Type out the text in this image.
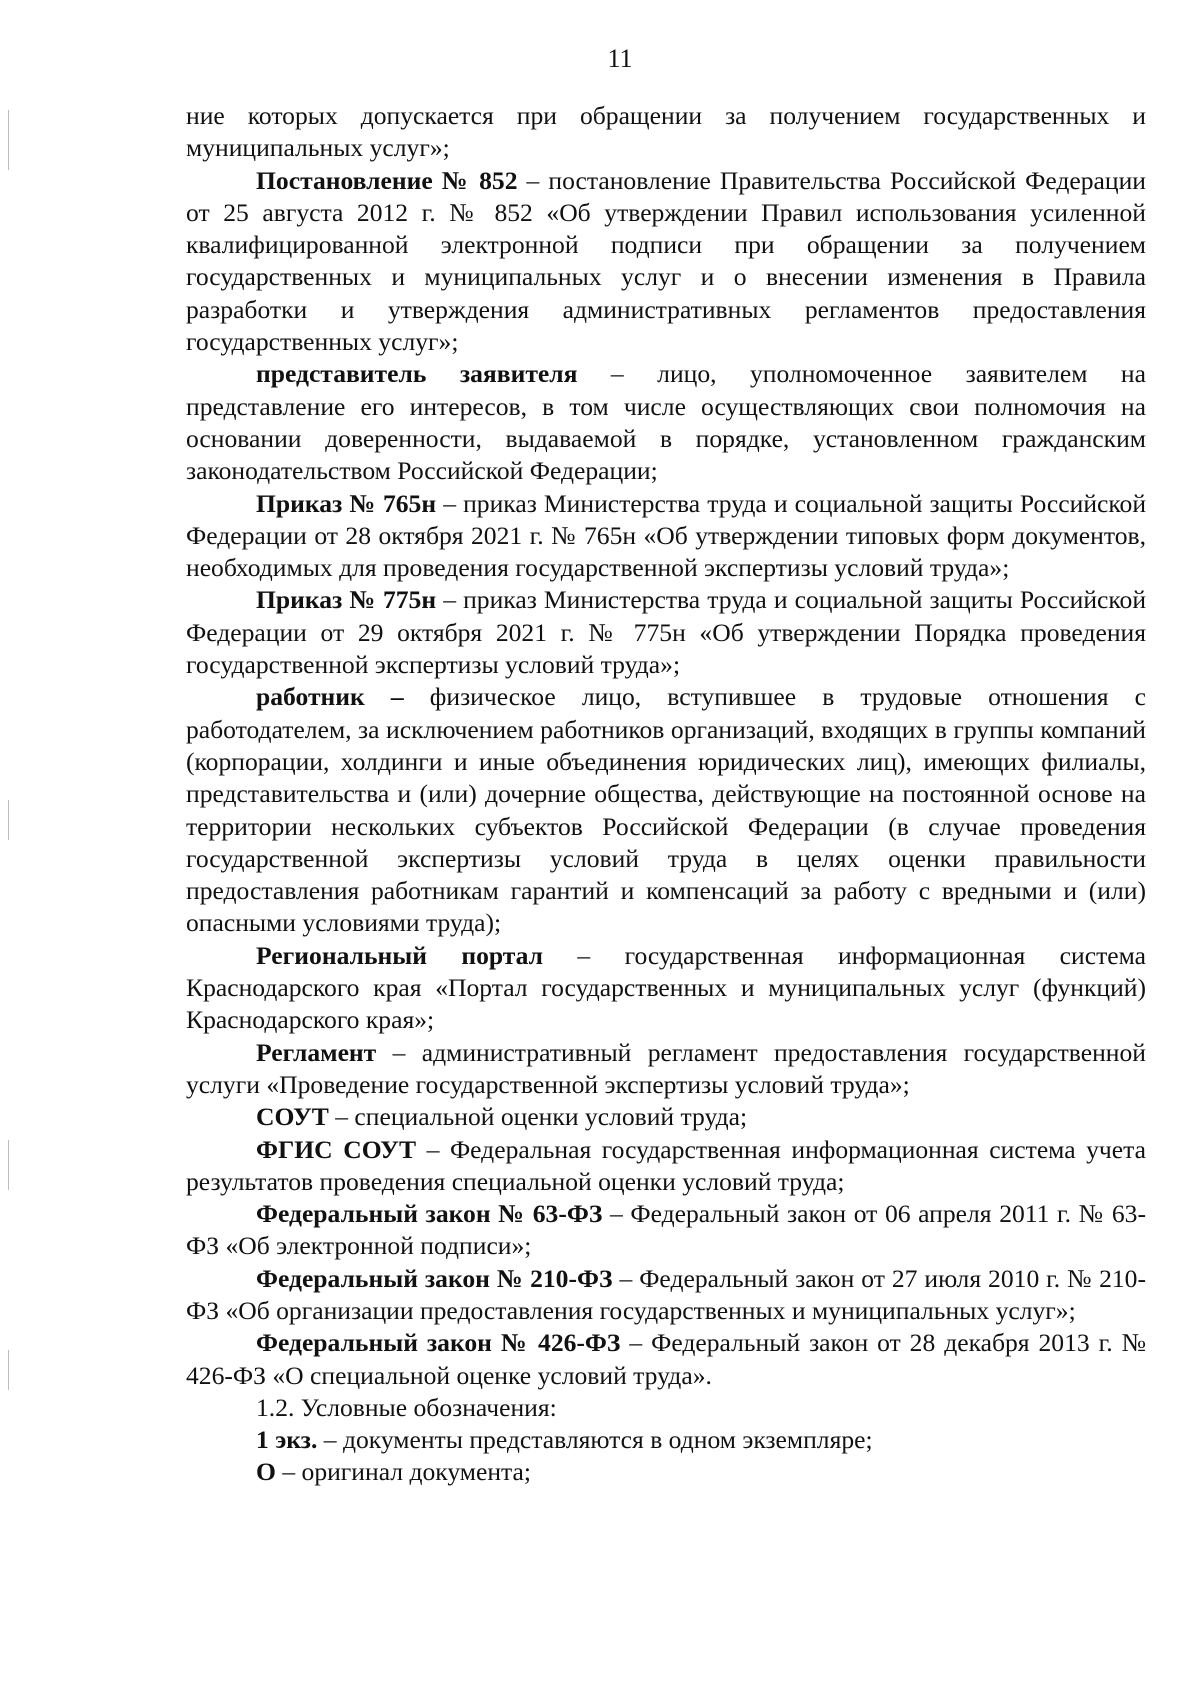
11

ние которых допускается при обращении за получением государственных и муниципальных услуг»;

Постановление № 852 – постановление Правительства Российской Федерации от 25 августа 2012 г. № 852 «Об утверждении Правил использования усиленной квалифицированной электронной подписи при обращении за получением государственных и муниципальных услуг и о внесении изменения в Правила разработки и утверждения административных регламентов предоставления государственных услуг»;

представитель заявителя – лицо, уполномоченное заявителем на представление его интересов, в том числе осуществляющих свои полномочия на основании доверенности, выдаваемой в порядке, установленном гражданским законодательством Российской Федерации;

Приказ № 765н – приказ Министерства труда и социальной защиты Российской Федерации от 28 октября 2021 г. № 765н «Об утверждении типовых форм документов, необходимых для проведения государственной экспертизы условий труда»;

Приказ № 775н – приказ Министерства труда и социальной защиты Российской Федерации от 29 октября 2021 г. № 775н «Об утверждении Порядка проведения государственной экспертизы условий труда»;

работник – физическое лицо, вступившее в трудовые отношения с работодателем, за исключением работников организаций, входящих в группы компаний (корпорации, холдинги и иные объединения юридических лиц), имеющих филиалы, представительства и (или) дочерние общества, действующие на постоянной основе на территории нескольких субъектов Российской Федерации (в случае проведения государственной экспертизы условий труда в целях оценки правильности предоставления работникам гарантий и компенсаций за работу с вредными и (или) опасными условиями труда);

Региональный портал – государственная информационная система Краснодарского края «Портал государственных и муниципальных услуг (функций) Краснодарского края»;

Регламент – административный регламент предоставления государственной услуги «Проведение государственной экспертизы условий труда»;

СОУТ – специальной оценки условий труда;

ФГИС СОУТ – Федеральная государственная информационная система учета результатов проведения специальной оценки условий труда;

Федеральный закон № 63-ФЗ – Федеральный закон от 06 апреля 2011 г. № 63-ФЗ «Об электронной подписи»;

Федеральный закон № 210-ФЗ – Федеральный закон от 27 июля 2010 г. № 210-ФЗ «Об организации предоставления государственных и муниципальных услуг»;

Федеральный закон № 426-ФЗ – Федеральный закон от 28 декабря 2013 г. № 426-ФЗ «О специальной оценке условий труда».

1.2. Условные обозначения:

1 экз. – документы представляются в одном экземпляре;

О – оригинал документа;
